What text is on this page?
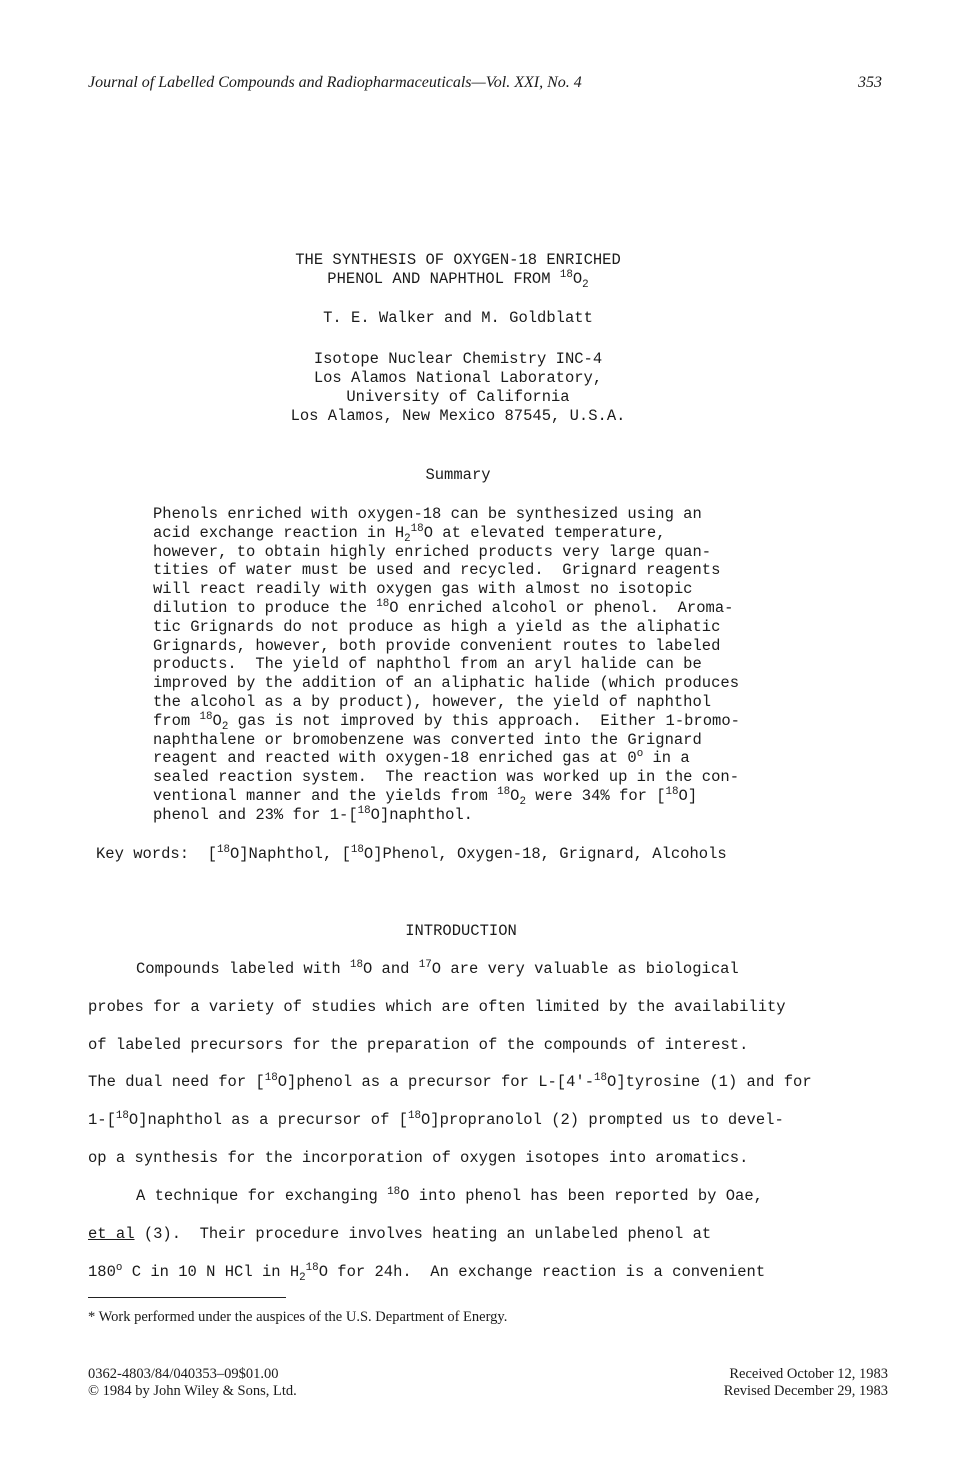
Journal of Labelled Compounds and Radiopharmaceuticals—Vol. XXI, No. 4	353
THE SYNTHESIS OF OXYGEN-18 ENRICHED
PHENOL AND NAPHTHOL FROM $^{18}O_2$
T. E. Walker and M. Goldblatt
Isotope Nuclear Chemistry INC-4
Los Alamos National Laboratory,
University of California
Los Alamos, New Mexico 87545, U.S.A.
Summary
Phenols enriched with oxygen-18 can be synthesized using an
acid exchange reaction in $H_2^{18}O$ at elevated temperature,
however, to obtain highly enriched products very large quan-
tities of water must be used and recycled.  Grignard reagents
will react readily with oxygen gas with almost no isotopic
dilution to produce the $^{18}$O enriched alcohol or phenol.  Aroma-
tic Grignards do not produce as high a yield as the aliphatic
Grignards, however, both provide convenient routes to labeled
products.  The yield of naphthol from an aryl halide can be
improved by the addition of an aliphatic halide (which produces
the alcohol as a by product), however, the yield of naphthol
from $^{18}O_2$ gas is not improved by this approach.  Either 1-bromo-
naphthalene or bromobenzene was converted into the Grignard
reagent and reacted with oxygen-18 enriched gas at 0$^o$ in a
sealed reaction system.  The reaction was worked up in the con-
ventional manner and the yields from $^{18}O_2$ were 34% for [$^{18}$O]
phenol and 23% for 1-[$^{18}$O]naphthol.
Key words: [$^{18}$O]Naphthol, [$^{18}$O]Phenol, Oxygen-18, Grignard, Alcohols
INTRODUCTION
Compounds labeled with $^{18}$O and $^{17}$O are very valuable as biological
probes for a variety of studies which are often limited by the availability
of labeled precursors for the preparation of the compounds of interest.
The dual need for [$^{18}$O]phenol as a precursor for L-[4'-$^{18}$O]tyrosine (1) and for
1-[$^{18}$O]naphthol as a precursor of [$^{18}$O]propranolol (2) prompted us to devel-
op a synthesis for the incorporation of oxygen isotopes into aromatics.
A technique for exchanging $^{18}$O into phenol has been reported by Oae,
et al (3).  Their procedure involves heating an unlabeled phenol at
180$^o$ C in 10 N HCl in $H_2^{18}O$ for 24h.  An exchange reaction is a convenient
* Work performed under the auspices of the U.S. Department of Energy.
0362-4803/84/040353–09$01.00
© 1984 by John Wiley & Sons, Ltd.
Received October 12, 1983
Revised December 29, 1983
